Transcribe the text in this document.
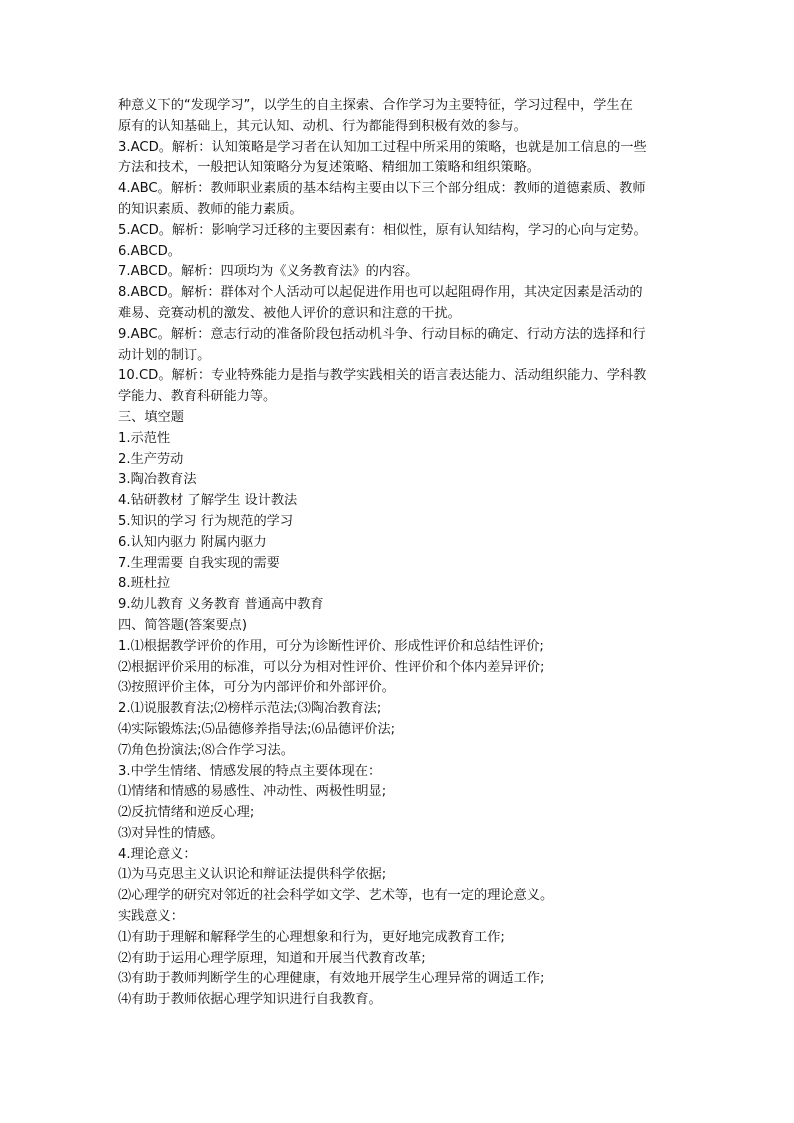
种意义下的“发现学习”，以学生的自主探索、合作学习为主要特征，学习过程中，学生在
原有的认知基础上，其元认知、动机、行为都能得到积极有效的参与。
3.ACD。解析：认知策略是学习者在认知加工过程中所采用的策略，也就是加工信息的一些
方法和技术，一般把认知策略分为复述策略、精细加工策略和组织策略。
4.ABC。解析：教师职业素质的基本结构主要由以下三个部分组成：教师的道德素质、教师
的知识素质、教师的能力素质。
5.ACD。解析：影响学习迁移的主要因素有：相似性，原有认知结构，学习的心向与定势。
6.ABCD。
7.ABCD。解析：四项均为《义务教育法》的内容。
8.ABCD。解析：群体对个人活动可以起促进作用也可以起阻碍作用，其决定因素是活动的
难易、竞赛动机的激发、被他人评价的意识和注意的干扰。
9.ABC。解析：意志行动的准备阶段包括动机斗争、行动目标的确定、行动方法的选择和行
动计划的制订。
10.CD。解析：专业特殊能力是指与教学实践相关的语言表达能力、活动组织能力、学科教
学能力、教育科研能力等。
三、填空题
1.示范性
2.生产劳动
3.陶冶教育法
4.钻研教材 了解学生 设计教法
5.知识的学习 行为规范的学习
6.认知内驱力 附属内驱力
7.生理需要 自我实现的需要
8.班杜拉
9.幼儿教育 义务教育 普通高中教育
四、简答题(答案要点)
1.⑴根据教学评价的作用，可分为诊断性评价、形成性评价和总结性评价;
⑵根据评价采用的标准，可以分为相对性评价、性评价和个体内差异评价;
⑶按照评价主体，可分为内部评价和外部评价。
2.⑴说服教育法;⑵榜样示范法;⑶陶冶教育法;
⑷实际锻炼法;⑸品德修养指导法;⑹品德评价法;
⑺角色扮演法;⑻合作学习法。
3.中学生情绪、情感发展的特点主要体现在：
⑴情绪和情感的易感性、冲动性、两极性明显;
⑵反抗情绪和逆反心理;
⑶对异性的情感。
4.理论意义：
⑴为马克思主义认识论和辩证法提供科学依据;
⑵心理学的研究对邻近的社会科学如文学、艺术等，也有一定的理论意义。
实践意义：
⑴有助于理解和解释学生的心理想象和行为，更好地完成教育工作;
⑵有助于运用心理学原理，知道和开展当代教育改革;
⑶有助于教师判断学生的心理健康，有效地开展学生心理异常的调适工作;
⑷有助于教师依据心理学知识进行自我教育。
